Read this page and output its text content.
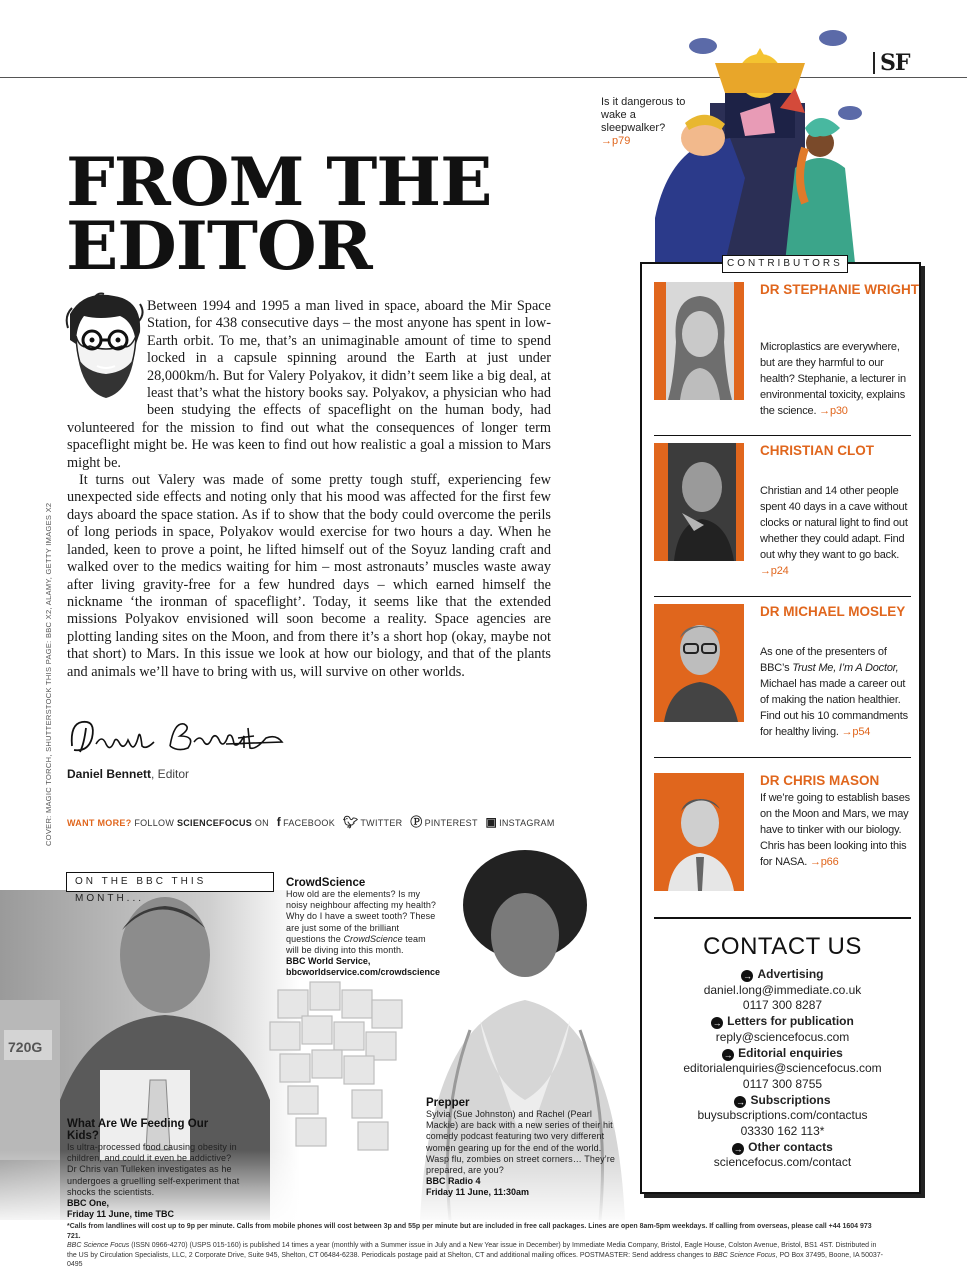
SF
Is it dangerous to wake a sleepwalker?
→p79
FROM THE
EDITOR

Between 1994 and 1995 a man lived in space, aboard the Mir Space Station, for 438 consecutive days – the most anyone has spent in low-Earth orbit. To me, that’s an unimaginable amount of time to spend locked in a capsule spinning around the Earth at just under 28,000km/h. But for Valery Polyakov, it didn’t seem like a big deal, at least that’s what the history books say. Polyakov, a physician who had been studying the effects of spaceflight on the human body, had volunteered for the mission to find out what the consequences of longer term spaceflight might be. He was keen to find out how realistic a goal a mission to Mars might be.

It turns out Valery was made of some pretty tough stuff, experiencing few unexpected side effects and noting only that his mood was affected for the first few days aboard the space station. As if to show that the body could overcome the perils of long periods in space, Polyakov would exercise for two hours a day. When he landed, keen to prove a point, he lifted himself out of the Soyuz landing craft and walked over to the medics waiting for him – most astronauts’ muscles waste away after living gravity-free for a few hundred days – which earned himself the nickname ‘the ironman of spaceflight’. Today, it seems like that the extended missions Polyakov envisioned will soon become a reality. Space agencies are plotting landing sites on the Moon, and from there it’s a short hop (okay, maybe not that short) to Mars. In this issue we look at how our biology, and that of the plants and animals we’ll have to bring with us, will survive on other worlds.

Daniel Bennett, Editor
WANT MORE? FOLLOW SCIENCEFOCUS ON f FACEBOOK 🐦︎ TWITTER Ⓟ PINTEREST ▣ INSTAGRAM
COVER: MAGIC TORCH, SHUTTERSTOCK THIS PAGE: BBC X2, ALAMY, GETTY IMAGES X2
CONTRIBUTORS
DR STEPHANIE WRIGHT
Microplastics are everywhere, but are they harmful to our health? Stephanie, a lecturer in environmental toxicity, explains the science. →p30
CHRISTIAN CLOT
Christian and 14 other people spent 40 days in a cave without clocks or natural light to find out whether they could adapt. Find out why they want to go back. →p24
DR MICHAEL MOSLEY
As one of the presenters of BBC’s Trust Me, I’m A Doctor, Michael has made a career out of making the nation healthier. Find out his 10 commandments for healthy living. →p54
DR CHRIS MASON
If we’re going to establish bases on the Moon and Mars, we may have to tinker with our biology. Chris has been looking into this for NASA. →p66
CONTACT US
→ Advertising
daniel.long@immediate.co.uk
0117 300 8287
→ Letters for publication
reply@sciencefocus.com
→ Editorial enquiries
editorialenquiries@sciencefocus.com
0117 300 8755
→ Subscriptions
buysubscriptions.com/contactus
03330 162 113*
→ Other contacts
sciencefocus.com/contact
720G
ON THE BBC THIS MONTH...
CrowdScience
How old are the elements? Is my noisy neighbour affecting my health? Why do I have a sweet tooth? These are just some of the brilliant questions the CrowdScience team will be diving into this month.
BBC World Service,
bbcworldservice.com/crowdscience
What Are We Feeding Our Kids?
Is ultra-processed food causing obesity in children, and could it even be addictive? Dr Chris van Tulleken investigates as he undergoes a gruelling self-experiment that shocks the scientists.
BBC One,
Friday 11 June, time TBC
Prepper
Sylvia (Sue Johnston) and Rachel (Pearl Mackie) are back with a new series of their hit comedy podcast featuring two very different women gearing up for the end of the world. Wasp flu, zombies on street corners… They’re prepared, are you?
BBC Radio 4
Friday 11 June, 11:30am
*Calls from landlines will cost up to 9p per minute. Calls from mobile phones will cost between 3p and 55p per minute but are included in free call packages. Lines are open 8am-5pm weekdays. If calling from overseas, please call +44 1604 973 721.
BBC Science Focus (ISSN 0966-4270) (USPS 015-160) is published 14 times a year (monthly with a Summer issue in July and a New Year issue in December) by Immediate Media Company, Bristol, Eagle House, Colston Avenue, Bristol, BS1 4ST. Distributed in the US by Circulation Specialists, LLC, 2 Corporate Drive, Suite 945, Shelton, CT 06484-6238. Periodicals postage paid at Shelton, CT and additional mailing offices. POSTMASTER: Send address changes to BBC Science Focus, PO Box 37495, Boone, IA 50037-0495
